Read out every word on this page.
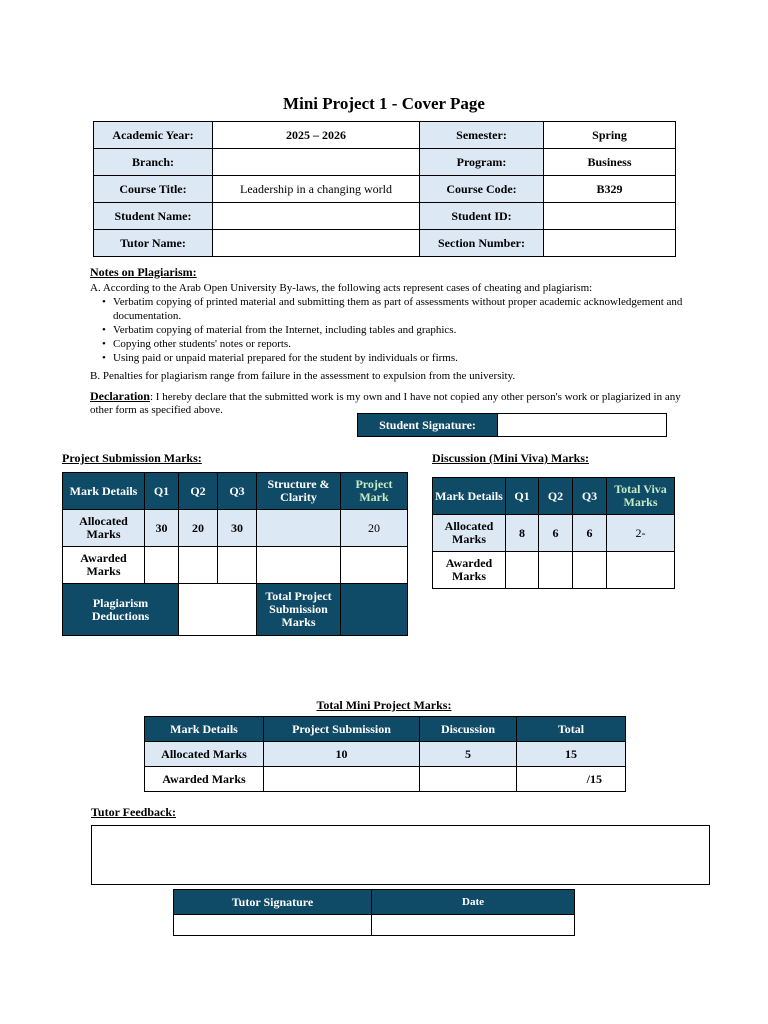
Mini Project 1 - Cover Page
Academic Year:	2025 – 2026	Semester:	Spring
Branch:		Program:	Business
Course Title:	Leadership in a changing world	Course Code:	B329
Student Name:		Student ID:	
Tutor Name:		Section Number:	
Notes on Plagiarism:

A. According to the Arab Open University By-laws, the following acts represent cases of cheating and plagiarism:

• Verbatim copying of printed material and submitting them as part of assessments without proper academic acknowledgement and documentation.
• Verbatim copying of material from the Internet, including tables and graphics.
• Copying other students' notes or reports.
• Using paid or unpaid material prepared for the student by individuals or firms.

B. Penalties for plagiarism range from failure in the assessment to expulsion from the university.

Declaration: I hereby declare that the submitted work is my own and I have not copied any other person's work or plagiarized in any other form as specified above.
Student Signature:	
Project Submission Marks:	Discussion (Mini Viva) Marks:
Mark Details	Q1	Q2	Q3	Structure & Clarity	Project Mark
Allocated Marks	30	20	30		20
Awarded Marks					
Plagiarism Deductions				Total Project Submission Marks	
Mark Details	Q1	Q2	Q3	Total Viva Marks
Allocated Marks	8	6	6	2-
Awarded Marks				
Total Mini Project Marks:
Mark Details	Project Submission	Discussion	Total
Allocated Marks	10	5	15
Awarded Marks			/15
Tutor Feedback:
Tutor Signature	Date
